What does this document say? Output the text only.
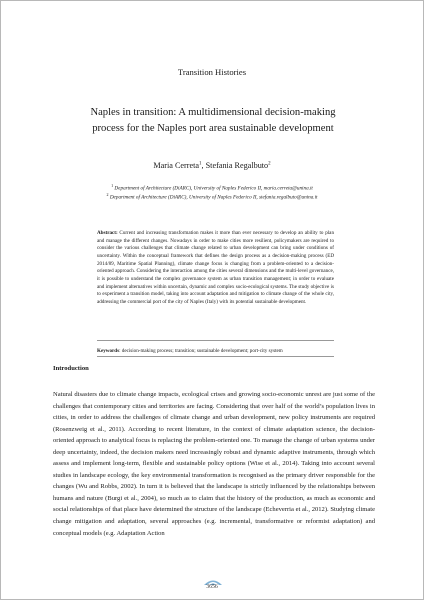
Transition Histories
Naples in transition: A multidimensional decision-making process for the Naples port area sustainable development
Maria Cerreta$^1$, Stefania Regalbuto$^2$
$^1$ Department of Architecture (DiARC), University of Naples Federico II, maria.cerreta@unina.it
$^2$ Department of Architecture (DiARC), University of Naples Federico II, stefania.regalbuto@unina.it
Abstract: Current and increasing transformation makes it more than ever necessary to develop an ability to plan and manage the different changes. Nowadays in order to make cities more resilient, policymakers are required to consider the various challenges that climate change related to urban development can bring under conditions of uncertainty. Within the conceptual framework that defines the design process as a decision-making process (ED 2014/89, Maritime Spatial Planning), climate change focus is changing from a problem-oriented to a decision-oriented approach. Considering the interaction among the cities several dimensions and the multi-level governance, it is possible to understand the complex governance system as urban transition management; in order to evaluate and implement alternatives within uncertain, dynamic and complex socio-ecological systems. The study objective is to experiment a transition model, taking into account adaptation and mitigation to climate change of the whole city, addressing the commercial port of the city of Naples (Italy) with its potential sustainable development.
Keywords: decision-making process; transition; sustainable development; port-city system
Introduction
Natural disasters due to climate change impacts, ecological crises and growing socio-economic unrest are just some of the challenges that contemporary cities and territories are facing. Considering that over half of the world’s population lives in cities, in order to address the challenges of climate change and urban development, new policy instruments are required (Rosenzweig et al., 2011). According to recent literature, in the context of climate adaptation science, the decision-oriented approach to analytical focus is replacing the problem-oriented one. To manage the change of urban systems under deep uncertainty, indeed, the decision makers need increasingly robust and dynamic adaptive instruments, through which assess and implement long-term, flexible and sustainable policy options (Wise et al., 2014). Taking into account several studies in landscape ecology, the key environmental transformation is recognised as the primary driver responsible for the changes (Wu and Robbs, 2002). In turn it is believed that the landscape is strictly influenced by the relationships between humans and nature (Burgi et al., 2004), so much as to claim that the history of the production, as much as economic and social relationships of that place have determined the structure of the landscape (Echeverria et al., 2012). Studying climate change mitigation and adaptation, several approaches (e.g. incremental, transformative or reformist adaptation) and conceptual models (e.g. Adaptation Action
3656
